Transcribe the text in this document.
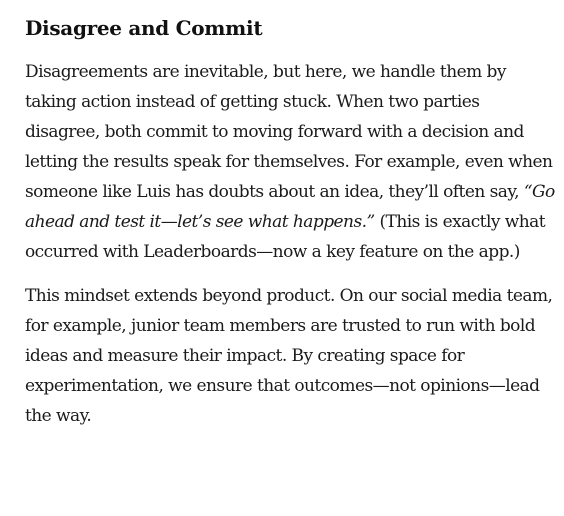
Disagree and Commit

Disagreements are inevitable, but here, we handle them by taking action instead of getting stuck. When two parties disagree, both commit to moving forward with a decision and letting the results speak for themselves. For example, even when someone like Luis has doubts about an idea, they’ll often say, “Go ahead and test it—let’s see what happens.” (This is exactly what occurred with Leaderboards—now a key feature on the app.)

This mindset extends beyond product. On our social media team, for example, junior team members are trusted to run with bold ideas and measure their impact. By creating space for experimentation, we ensure that outcomes—not opinions—lead the way.
